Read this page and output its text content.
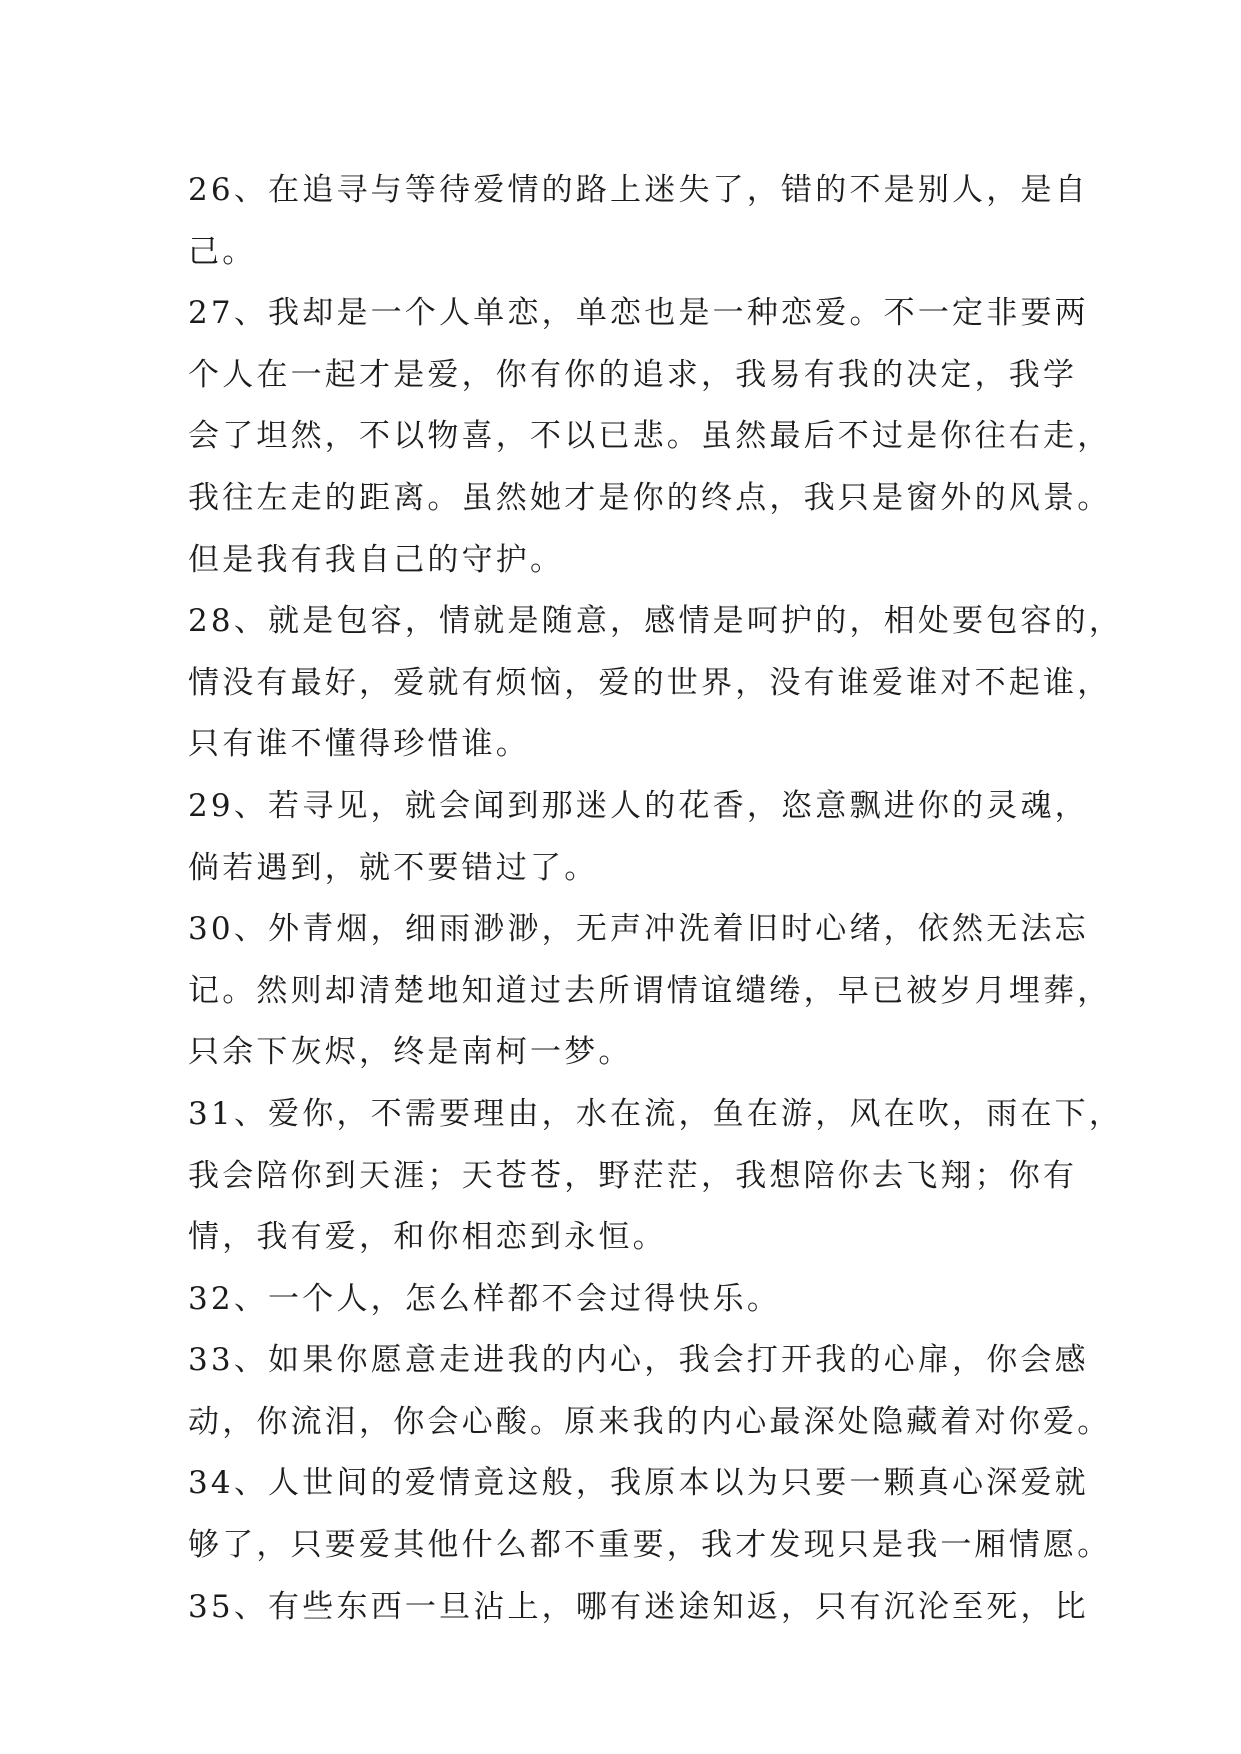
26、在追寻与等待爱情的路上迷失了，错的不是别人，是自
己。

27、我却是一个人单恋，单恋也是一种恋爱。不一定非要两
个人在一起才是爱，你有你的追求，我易有我的决定，我学
会了坦然，不以物喜，不以已悲。虽然最后不过是你往右走，
我往左走的距离。虽然她才是你的终点，我只是窗外的风景。
但是我有我自己的守护。

28、就是包容，情就是随意，感情是呵护的，相处要包容的，
情没有最好，爱就有烦恼，爱的世界，没有谁爱谁对不起谁，
只有谁不懂得珍惜谁。

29、若寻见，就会闻到那迷人的花香，恣意飘进你的灵魂，
倘若遇到，就不要错过了。

30、外青烟，细雨渺渺，无声冲洗着旧时心绪，依然无法忘
记。然则却清楚地知道过去所谓情谊缱绻，早已被岁月埋葬，
只余下灰烬，终是南柯一梦。

31、爱你，不需要理由，水在流，鱼在游，风在吹，雨在下，
我会陪你到天涯；天苍苍，野茫茫，我想陪你去飞翔；你有
情，我有爱，和你相恋到永恒。

32、一个人，怎么样都不会过得快乐。

33、如果你愿意走进我的内心，我会打开我的心扉，你会感
动，你流泪，你会心酸。原来我的内心最深处隐藏着对你爱。

34、人世间的爱情竟这般，我原本以为只要一颗真心深爱就
够了，只要爱其他什么都不重要，我才发现只是我一厢情愿。

35、有些东西一旦沾上，哪有迷途知返，只有沉沦至死，比
